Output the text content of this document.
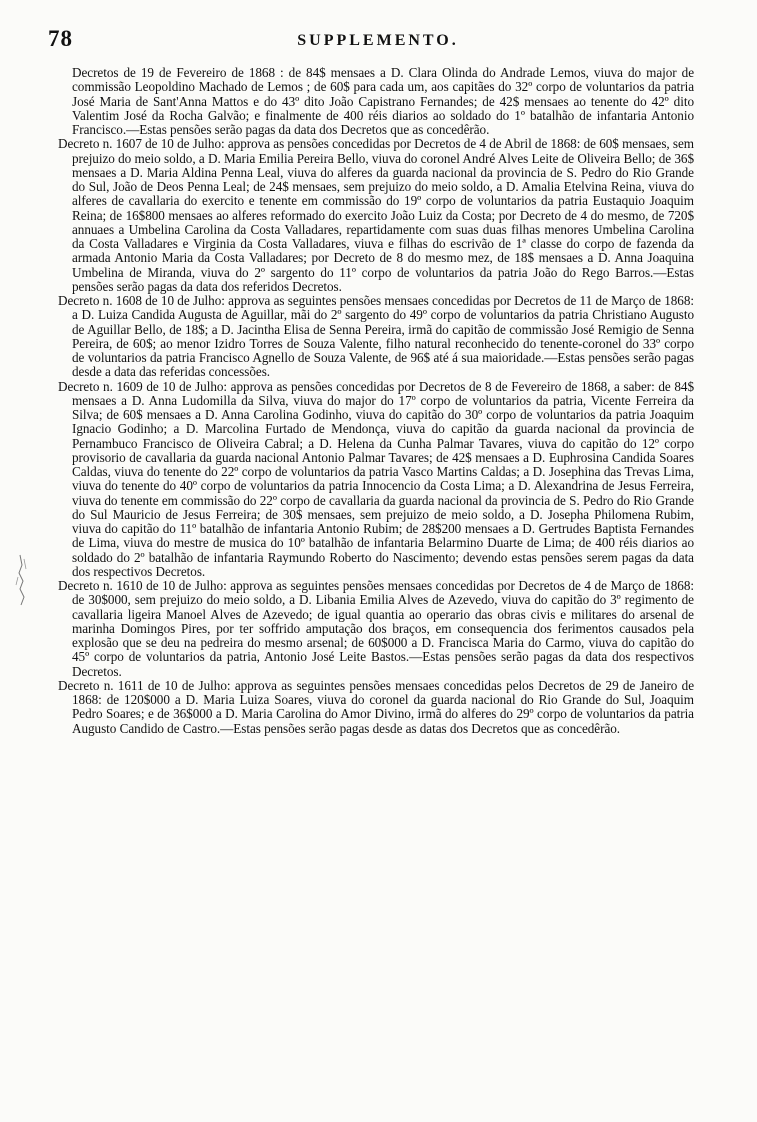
78	SUPPLEMENTO.

Decretos de 19 de Fevereiro de 1868 : de 84$ mensaes a D. Clara Olinda do Andrade Lemos, viuva do major de commissão Leopoldino Machado de Lemos ; de 60$ para cada um, aos capitães do 32º corpo de voluntarios da patria José Maria de Sant'Anna Mattos e do 43º dito João Capistrano Fernandes; de 42$ mensaes ao tenente do 42º dito Valentim José da Rocha Galvão; e finalmente de 400 réis diarios ao soldado do 1º batalhão de infantaria Antonio Francisco.—Estas pensões serão pagas da data dos Decretos que as concedêrão.

Decreto n. 1607 de 10 de Julho: approva as pensões concedidas por Decretos de 4 de Abril de 1868: de 60$ mensaes, sem prejuizo do meio soldo, a D. Maria Emilia Pereira Bello, viuva do coronel André Alves Leite de Oliveira Bello; de 36$ mensaes a D. Maria Aldina Penna Leal, viuva do alferes da guarda nacional da provincia de S. Pedro do Rio Grande do Sul, João de Deos Penna Leal; de 24$ mensaes, sem prejuizo do meio soldo, a D. Amalia Etelvina Reina, viuva do alferes de cavallaria do exercito e tenente em commissão do 19º corpo de voluntarios da patria Eustaquio Joaquim Reina; de 16$800 mensaes ao alferes reformado do exercito João Luiz da Costa; por Decreto de 4 do mesmo, de 720$ annuaes a Umbelina Carolina da Costa Valladares, repartidamente com suas duas filhas menores Umbelina Carolina da Costa Valladares e Virginia da Costa Valladares, viuva e filhas do escrivão de 1ª classe do corpo de fazenda da armada Antonio Maria da Costa Valladares; por Decreto de 8 do mesmo mez, de 18$ mensaes a D. Anna Joaquina Umbelina de Miranda, viuva do 2º sargento do 11º corpo de voluntarios da patria João do Rego Barros.—Estas pensões serão pagas da data dos referidos Decretos.

Decreto n. 1608 de 10 de Julho: approva as seguintes pensões mensaes concedidas por Decretos de 11 de Março de 1868: a D. Luiza Candida Augusta de Aguillar, mãi do 2º sargento do 49º corpo de voluntarios da patria Christiano Augusto de Aguillar Bello, de 18$; a D. Jacintha Elisa de Senna Pereira, irmã do capitão de commissão José Remigio de Senna Pereira, de 60$; ao menor Izidro Torres de Souza Valente, filho natural reconhecido do tenente-coronel do 33º corpo de voluntarios da patria Francisco Agnello de Souza Valente, de 96$ até á sua maioridade.—Estas pensões serão pagas desde a data das referidas concessões.

Decreto n. 1609 de 10 de Julho: approva as pensões concedidas por Decretos de 8 de Fevereiro de 1868, a saber: de 84$ mensaes a D. Anna Ludomilla da Silva, viuva do major do 17º corpo de voluntarios da patria, Vicente Ferreira da Silva; de 60$ mensaes a D. Anna Carolina Godinho, viuva do capitão do 30º corpo de voluntarios da patria Joaquim Ignacio Godinho; a D. Marcolina Furtado de Mendonça, viuva do capitão da guarda nacional da provincia de Pernambuco Francisco de Oliveira Cabral; a D. Helena da Cunha Palmar Tavares, viuva do capitão do 12º corpo provisorio de cavallaria da guarda nacional Antonio Palmar Tavares; de 42$ mensaes a D. Euphrosina Candida Soares Caldas, viuva do tenente do 22º corpo de voluntarios da patria Vasco Martins Caldas; a D. Josephina das Trevas Lima, viuva do tenente do 40º corpo de voluntarios da patria Innocencio da Costa Lima; a D. Alexandrina de Jesus Ferreira, viuva do tenente em commissão do 22º corpo de cavallaria da guarda nacional da provincia de S. Pedro do Rio Grande do Sul Mauricio de Jesus Ferreira; de 30$ mensaes, sem prejuizo de meio soldo, a D. Josepha Philomena Rubim, viuva do capitão do 11º batalhão de infantaria Antonio Rubim; de 28$200 mensaes a D. Gertrudes Baptista Fernandes de Lima, viuva do mestre de musica do 10º batalhão de infantaria Belarmino Duarte de Lima; de 400 réis diarios ao soldado do 2º batalhão de infantaria Raymundo Roberto do Nascimento; devendo estas pensões serem pagas da data dos respectivos Decretos.

Decreto n. 1610 de 10 de Julho: approva as seguintes pensões mensaes concedidas por Decretos de 4 de Março de 1868: de 30$000, sem prejuizo do meio soldo, a D. Libania Emilia Alves de Azevedo, viuva do capitão do 3º regimento de cavallaria ligeira Manoel Alves de Azevedo; de igual quantia ao operario das obras civis e militares do arsenal de marinha Domingos Pires, por ter soffrido amputação dos braços, em consequencia dos ferimentos causados pela explosão que se deu na pedreira do mesmo arsenal; de 60$000 a D. Francisca Maria do Carmo, viuva do capitão do 45º corpo de voluntarios da patria, Antonio José Leite Bastos.—Estas pensões serão pagas da data dos respectivos Decretos.

Decreto n. 1611 de 10 de Julho: approva as seguintes pensões mensaes concedidas pelos Decretos de 29 de Janeiro de 1868: de 120$000 a D. Maria Luiza Soares, viuva do coronel da guarda nacional do Rio Grande do Sul, Joaquim Pedro Soares; e de 36$000 a D. Maria Carolina do Amor Divino, irmã do alferes do 29º corpo de voluntarios da patria Augusto Candido de Castro.—Estas pensões serão pagas desde as datas dos Decretos que as concedêrão.
